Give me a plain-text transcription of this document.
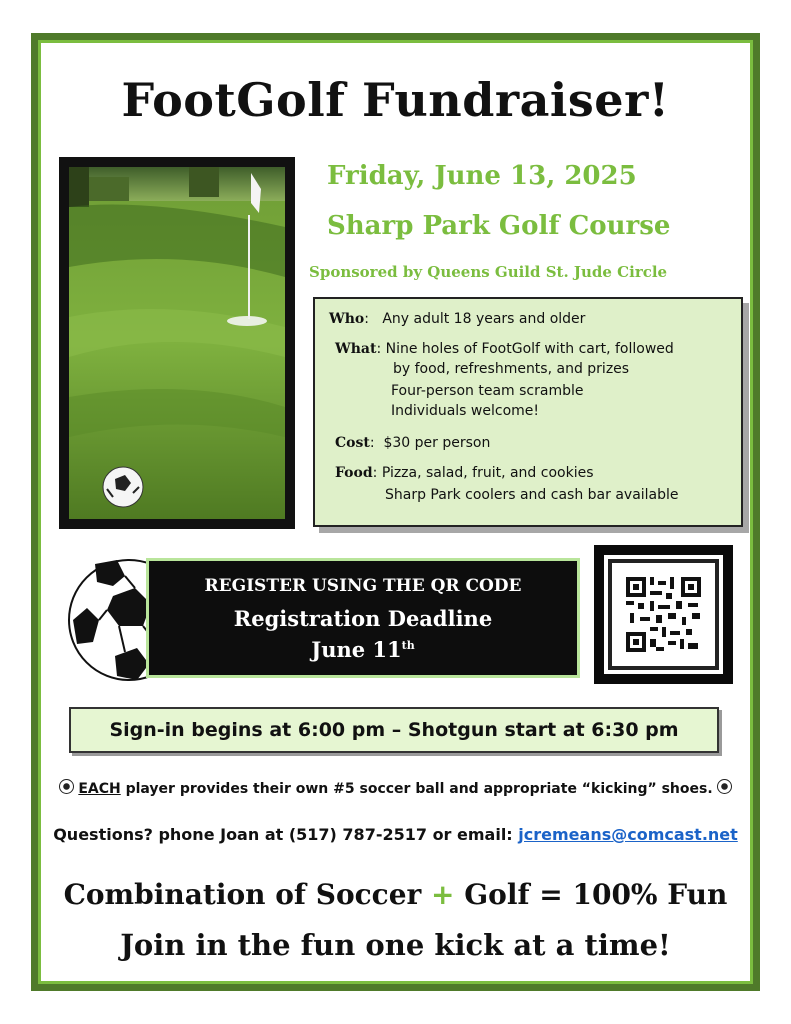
FootGolf Fundraiser!
Friday, June 13, 2025
Sharp Park Golf Course
Sponsored by Queens Guild St. Jude Circle
Who:   Any adult 18 years and older
What: Nine holes of FootGolf with cart, followed
by food, refreshments, and prizes
Four-person team scramble
Individuals welcome!
Cost:  $30 per person
Food: Pizza, salad, fruit, and cookies
Sharp Park coolers and cash bar available
REGISTER USING THE QR CODE
Registration Deadline
June 11th
Sign-in begins at 6:00 pm – Shotgun start at 6:30 pm
EACH player provides their own #5 soccer ball and appropriate “kicking” shoes.
Questions? phone Joan at (517) 787-2517 or email: jcremeans@comcast.net
Combination of Soccer + Golf = 100% Fun
Join in the fun one kick at a time!
